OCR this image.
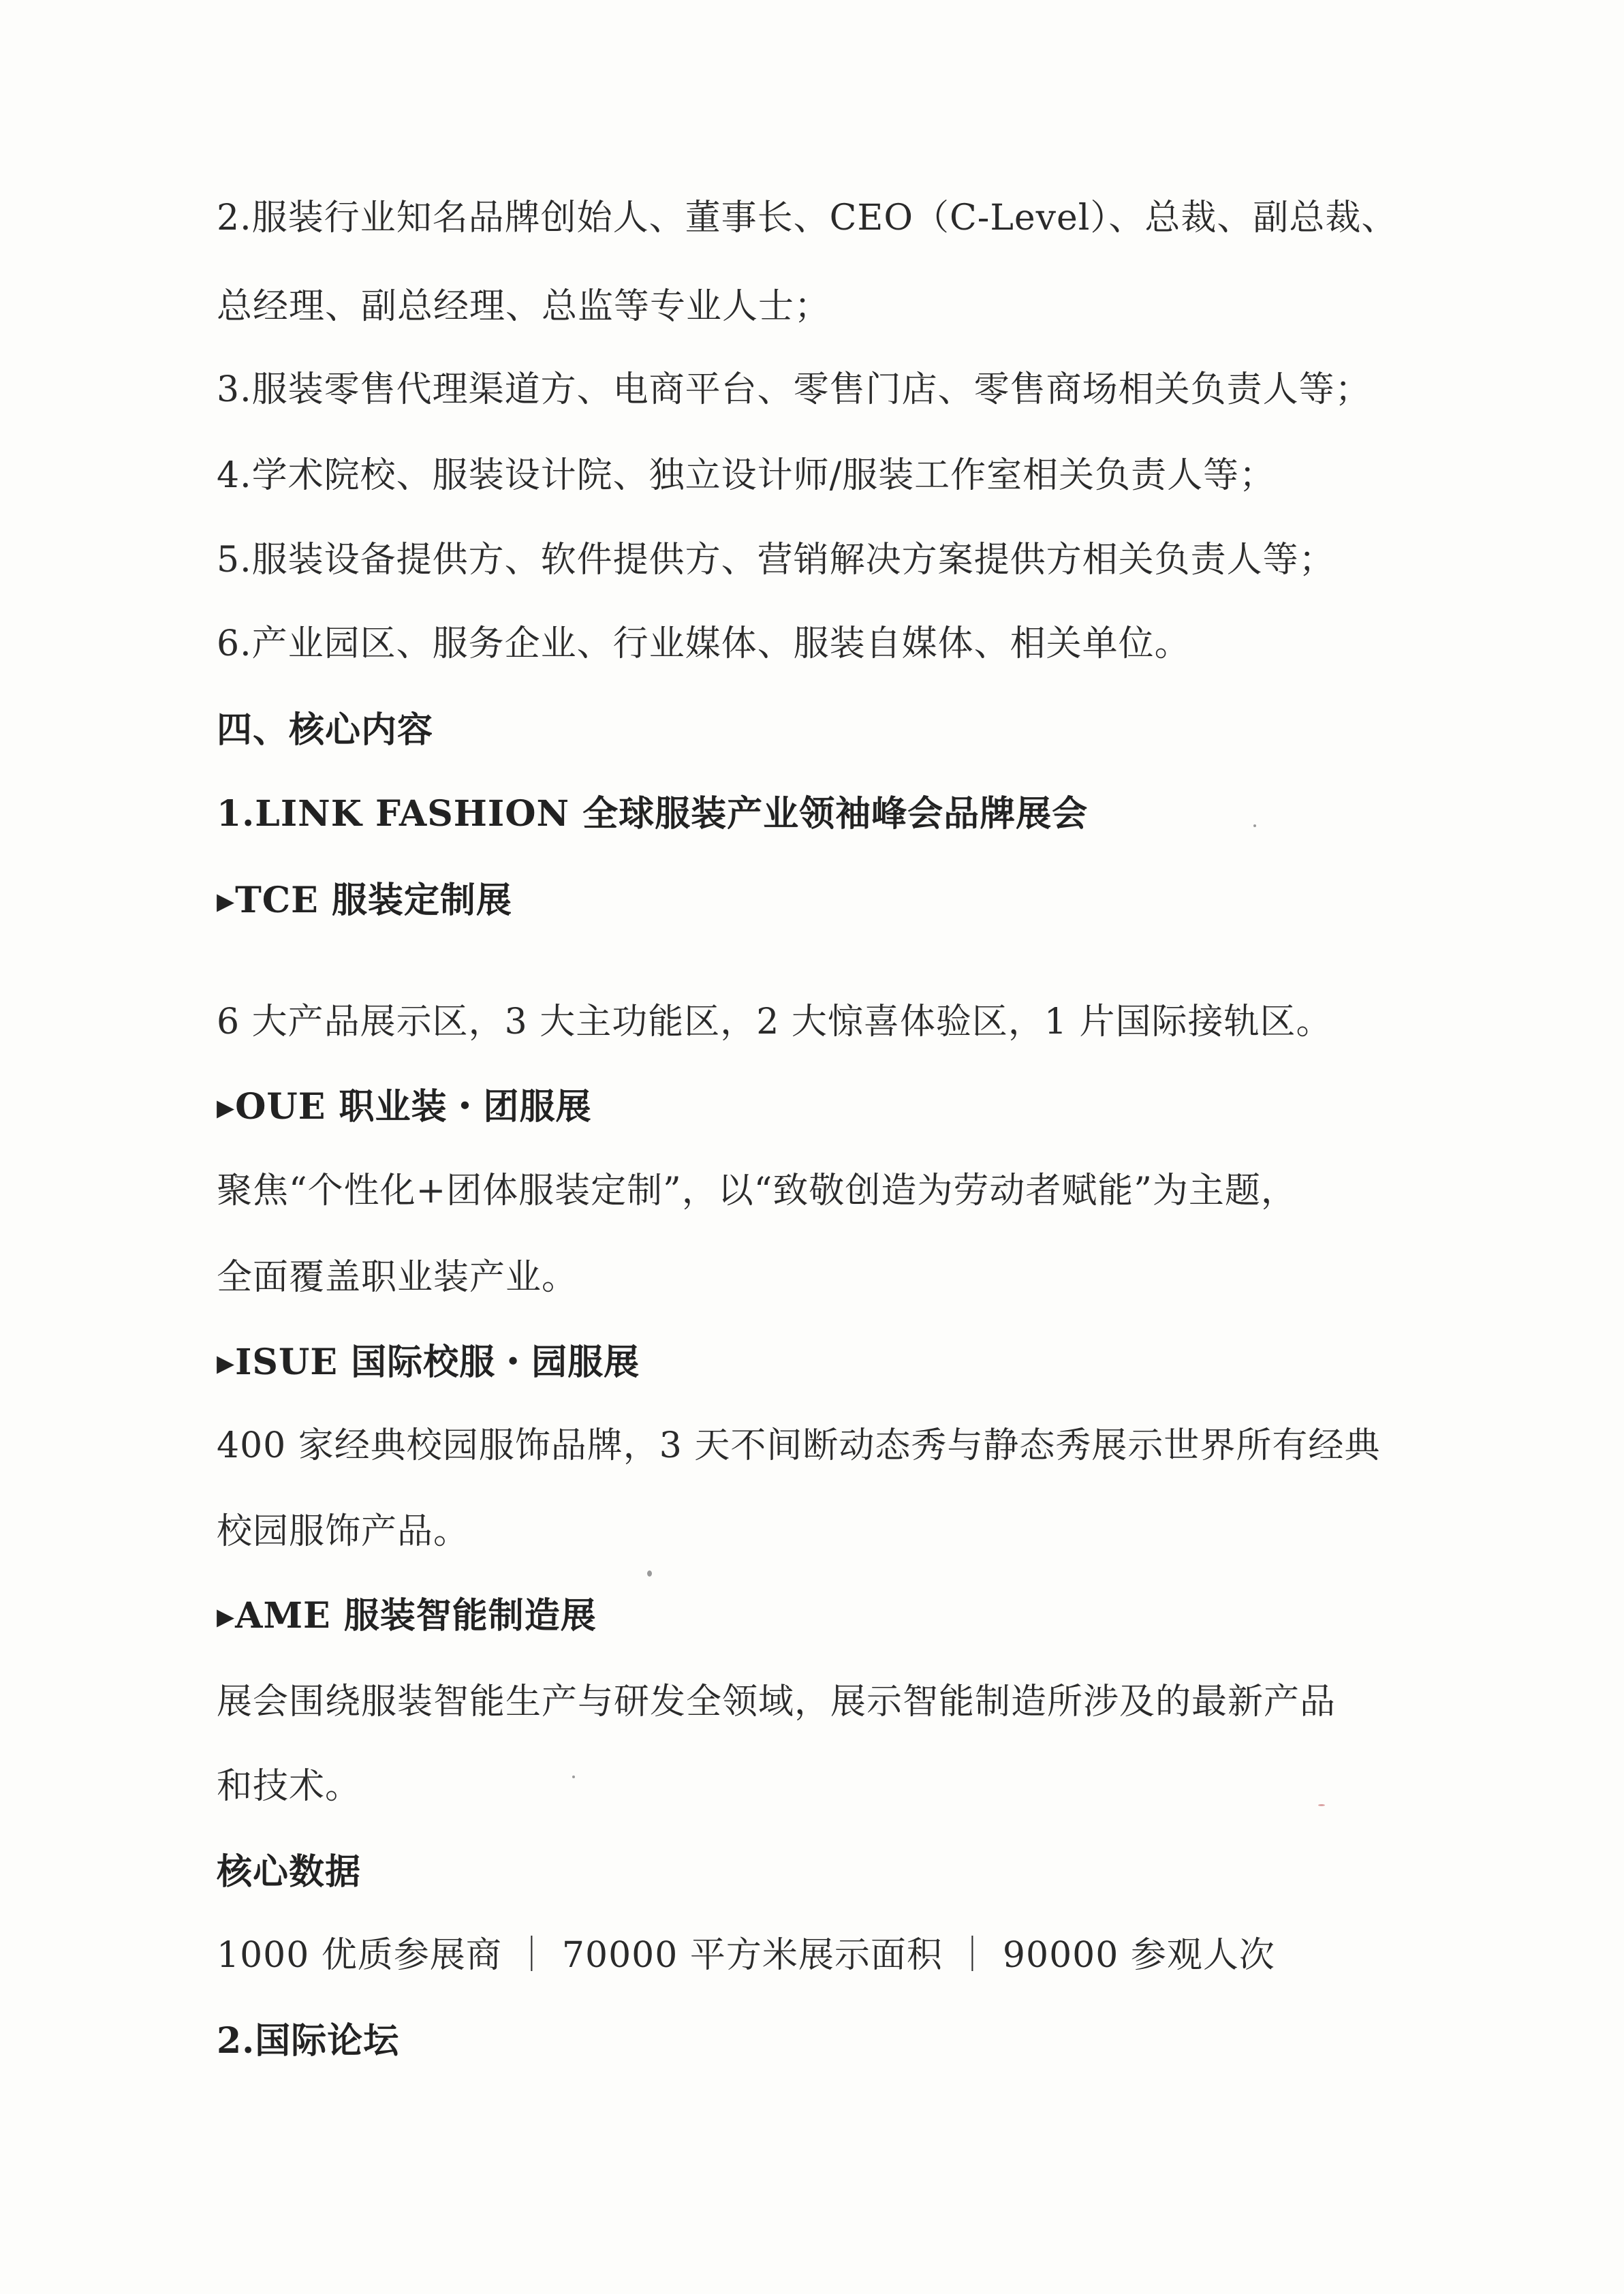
2.服装行业知名品牌创始人、董事长、CEO（C-Level）、总裁、副总裁、
总经理、副总经理、总监等专业人士；
3.服装零售代理渠道方、电商平台、零售门店、零售商场相关负责人等；
4.学术院校、服装设计院、独立设计师/服装工作室相关负责人等；
5.服装设备提供方、软件提供方、营销解决方案提供方相关负责人等；
6.产业园区、服务企业、行业媒体、服装自媒体、相关单位。
四、核心内容
1.LINK FASHION 全球服装产业领袖峰会品牌展会
▸TCE 服装定制展
6 大产品展示区，3 大主功能区，2 大惊喜体验区，1 片国际接轨区。
▸OUE 职业装・团服展
聚焦“个性化+团体服装定制”，以“致敬创造为劳动者赋能”为主题，
全面覆盖职业装产业。
▸ISUE 国际校服・园服展
400 家经典校园服饰品牌，3 天不间断动态秀与静态秀展示世界所有经典
校园服饰产品。
▸AME 服装智能制造展
展会围绕服装智能生产与研发全领域，展示智能制造所涉及的最新产品
和技术。
核心数据
1000 优质参展商 ｜ 70000 平方米展示面积 ｜ 90000 参观人次
2.国际论坛
